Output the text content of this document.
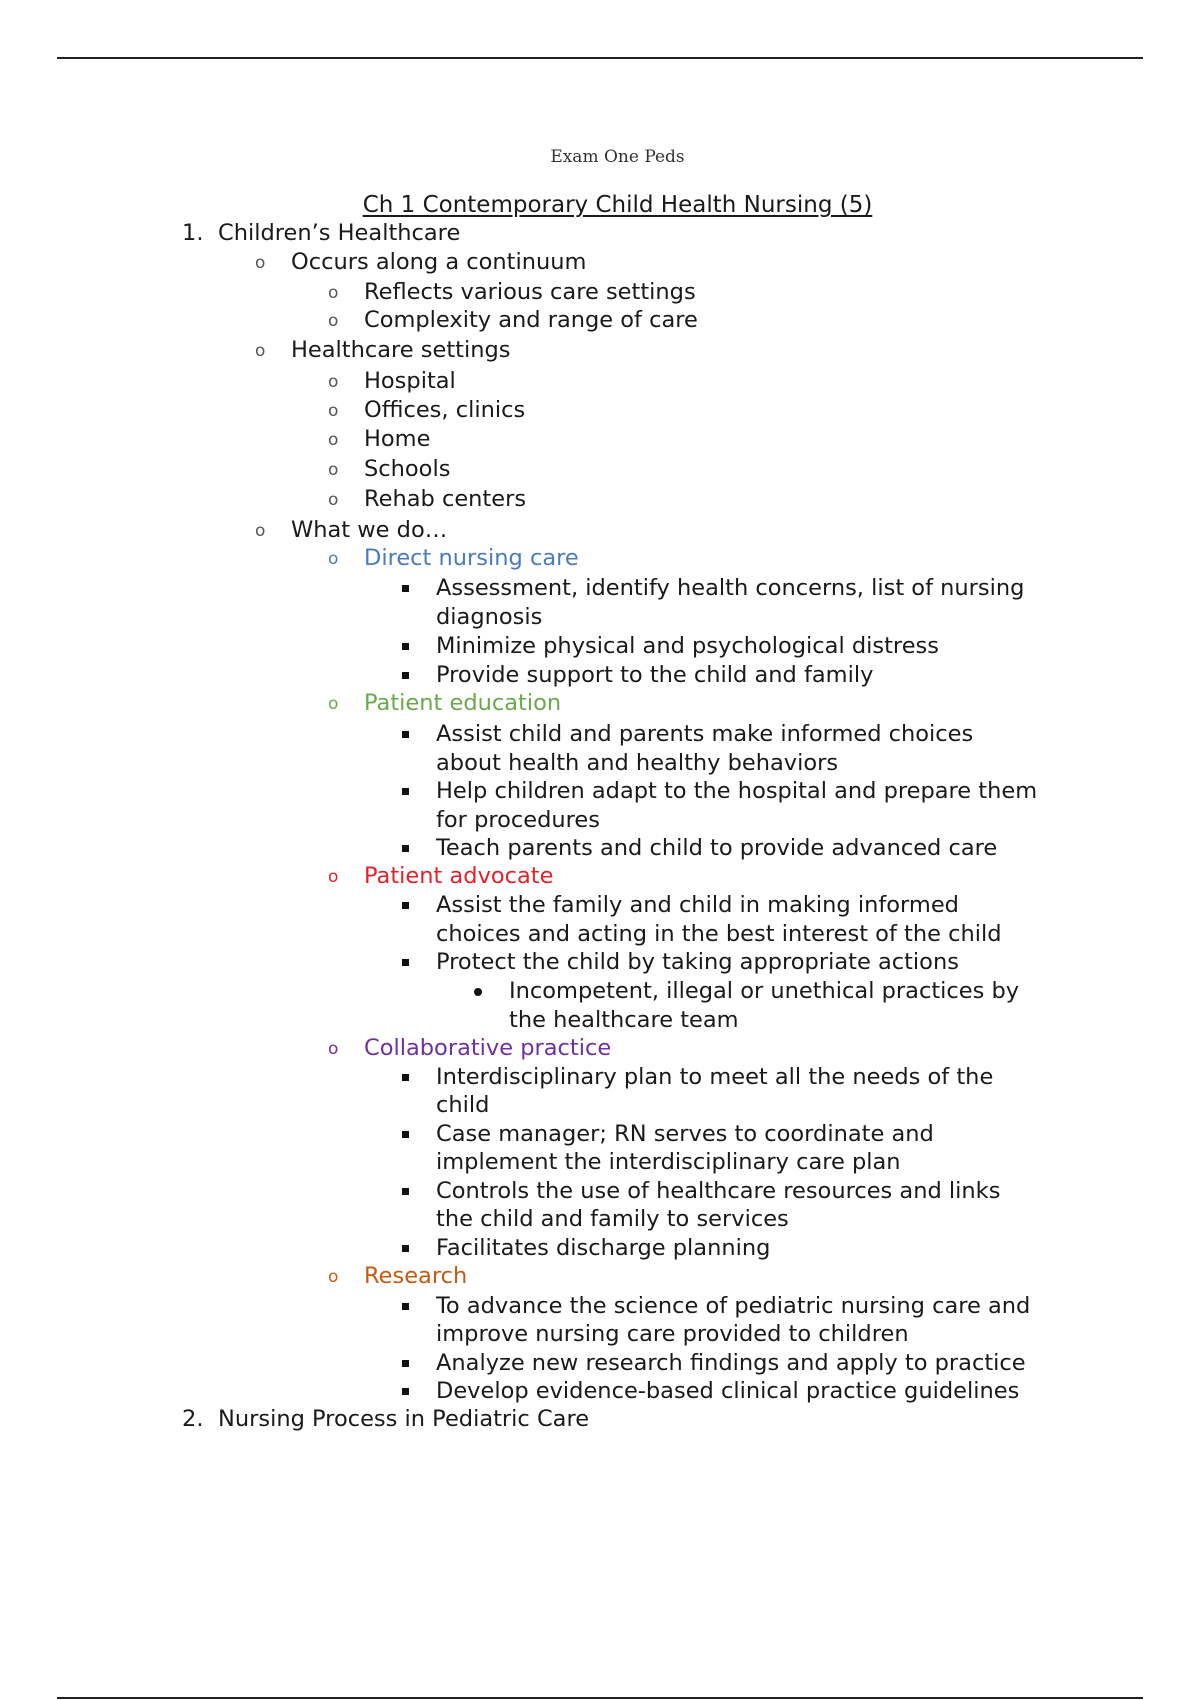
Exam One Peds
Ch 1 Contemporary Child Health Nursing (5)
1. Children’s Healthcare
o Occurs along a continuum
o Reflects various care settings
o Complexity and range of care
o Healthcare settings
o Hospital
o Offices, clinics
o Home
o Schools
o Rehab centers
o What we do…
o Direct nursing care
Assessment, identify health concerns, list of nursing
diagnosis
Minimize physical and psychological distress
Provide support to the child and family
o Patient education
Assist child and parents make informed choices
about health and healthy behaviors
Help children adapt to the hospital and prepare them
for procedures
Teach parents and child to provide advanced care
o Patient advocate
Assist the family and child in making informed
choices and acting in the best interest of the child
Protect the child by taking appropriate actions
Incompetent, illegal or unethical practices by
the healthcare team
o Collaborative practice
Interdisciplinary plan to meet all the needs of the
child
Case manager; RN serves to coordinate and
implement the interdisciplinary care plan
Controls the use of healthcare resources and links
the child and family to services
Facilitates discharge planning
o Research
To advance the science of pediatric nursing care and
improve nursing care provided to children
Analyze new research findings and apply to practice
Develop evidence-based clinical practice guidelines
2. Nursing Process in Pediatric Care
